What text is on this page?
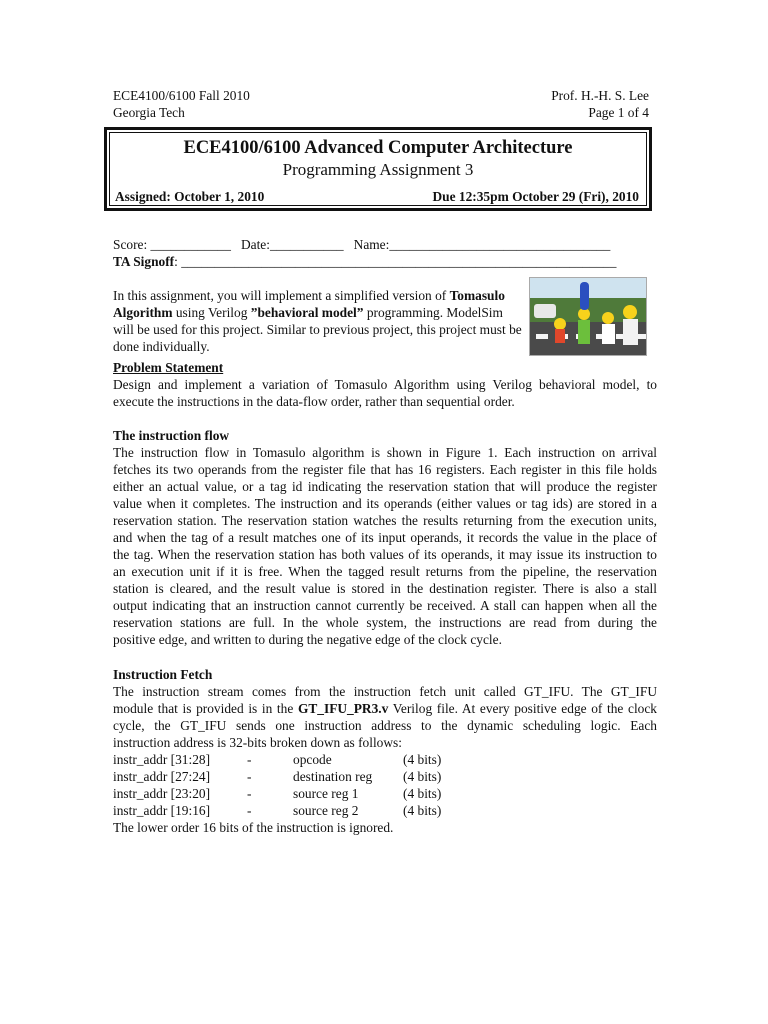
ECE4100/6100 Fall 2010	Prof. H.-H. S. Lee
Georgia Tech	Page 1 of 4
ECE4100/6100 Advanced Computer Architecture
Programming Assignment 3
Assigned: October 1, 2010	Due 12:35pm October 29 (Fri), 2010
Score: ____________ Date:___________ Name:_________________________________
TA Signoff: _________________________________________________________________
In this assignment, you will implement a simplified version of Tomasulo Algorithm using Verilog ”behavioral model” programming. ModelSim will be used for this project. Similar to previous project, this project must be done individually.
Problem Statement
Design and implement a variation of Tomasulo Algorithm using Verilog behavioral model, to
execute the instructions in the data-flow order, rather than sequential order.
The instruction flow
The instruction flow in Tomasulo algorithm is shown in Figure 1. Each instruction on arrival
fetches its two operands from the register file that has 16 registers. Each register in this file holds
either an actual value, or a tag id indicating the reservation station that will produce the register
value when it completes. The instruction and its operands (either values or tag ids) are stored in a
reservation station. The reservation station watches the results returning from the execution units,
and when the tag of a result matches one of its input operands, it records the value in the place of
the tag. When the reservation station has both values of its operands, it may issue its instruction to
an execution unit if it is free. When the tagged result returns from the pipeline, the reservation
station is cleared, and the result value is stored in the destination register. There is also a stall
output indicating that an instruction cannot currently be received. A stall can happen when all the
reservation stations are full. In the whole system, the instructions are read from during the
positive edge, and written to during the negative edge of the clock cycle.
Instruction Fetch
The instruction stream comes from the instruction fetch unit called GT_IFU. The GT_IFU
module that is provided is in the GT_IFU_PR3.v Verilog file. At every positive edge of the clock
cycle, the GT_IFU sends one instruction address to the dynamic scheduling logic. Each
instruction address is 32-bits broken down as follows:
instr_addr [31:28]	-	opcode	(4 bits)
instr_addr [27:24]	-	destination reg	(4 bits)
instr_addr [23:20]	-	source reg 1	(4 bits)
instr_addr [19:16]	-	source reg 2	(4 bits)
The lower order 16 bits of the instruction is ignored.
